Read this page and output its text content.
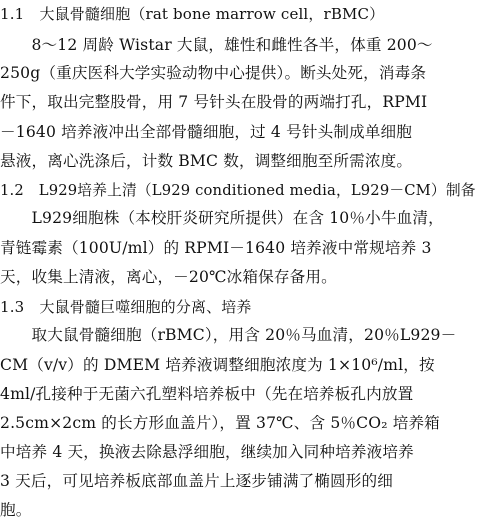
1.1　大鼠骨髓细胞（rat bone marrow cell，rBMC）
　　8～12 周龄 Wistar 大鼠，雄性和雌性各半，体重 200～
250g（重庆医科大学实验动物中心提供）。断头处死，消毒条
件下，取出完整股骨，用 7 号针头在股骨的两端打孔，RPMI
－1640 培养液冲出全部骨髓细胞，过 4 号针头制成单细胞
悬液，离心洗涤后，计数 BMC 数，调整细胞至所需浓度。
1.2　L929培养上清（L929 conditioned media，L929－CM）制备
　　L929细胞株（本校肝炎研究所提供）在含 10％小牛血清，
青链霉素（100U/ml）的 RPMI－1640 培养液中常规培养 3
天，收集上清液，离心，－20℃冰箱保存备用。
1.3　大鼠骨髓巨噬细胞的分离、培养
　　取大鼠骨髓细胞（rBMC），用含 20％马血清，20％L929－
CM（v/v）的 DMEM 培养液调整细胞浓度为 1×10⁶/ml，按
4ml/孔接种于无菌六孔塑料培养板中（先在培养板孔内放置
2.5cm×2cm 的长方形血盖片），置 37℃、含 5％CO₂ 培养箱
中培养 4 天，换液去除悬浮细胞，继续加入同种培养液培养
3 天后，可见培养板底部血盖片上逐步铺满了椭圆形的细
胞。
